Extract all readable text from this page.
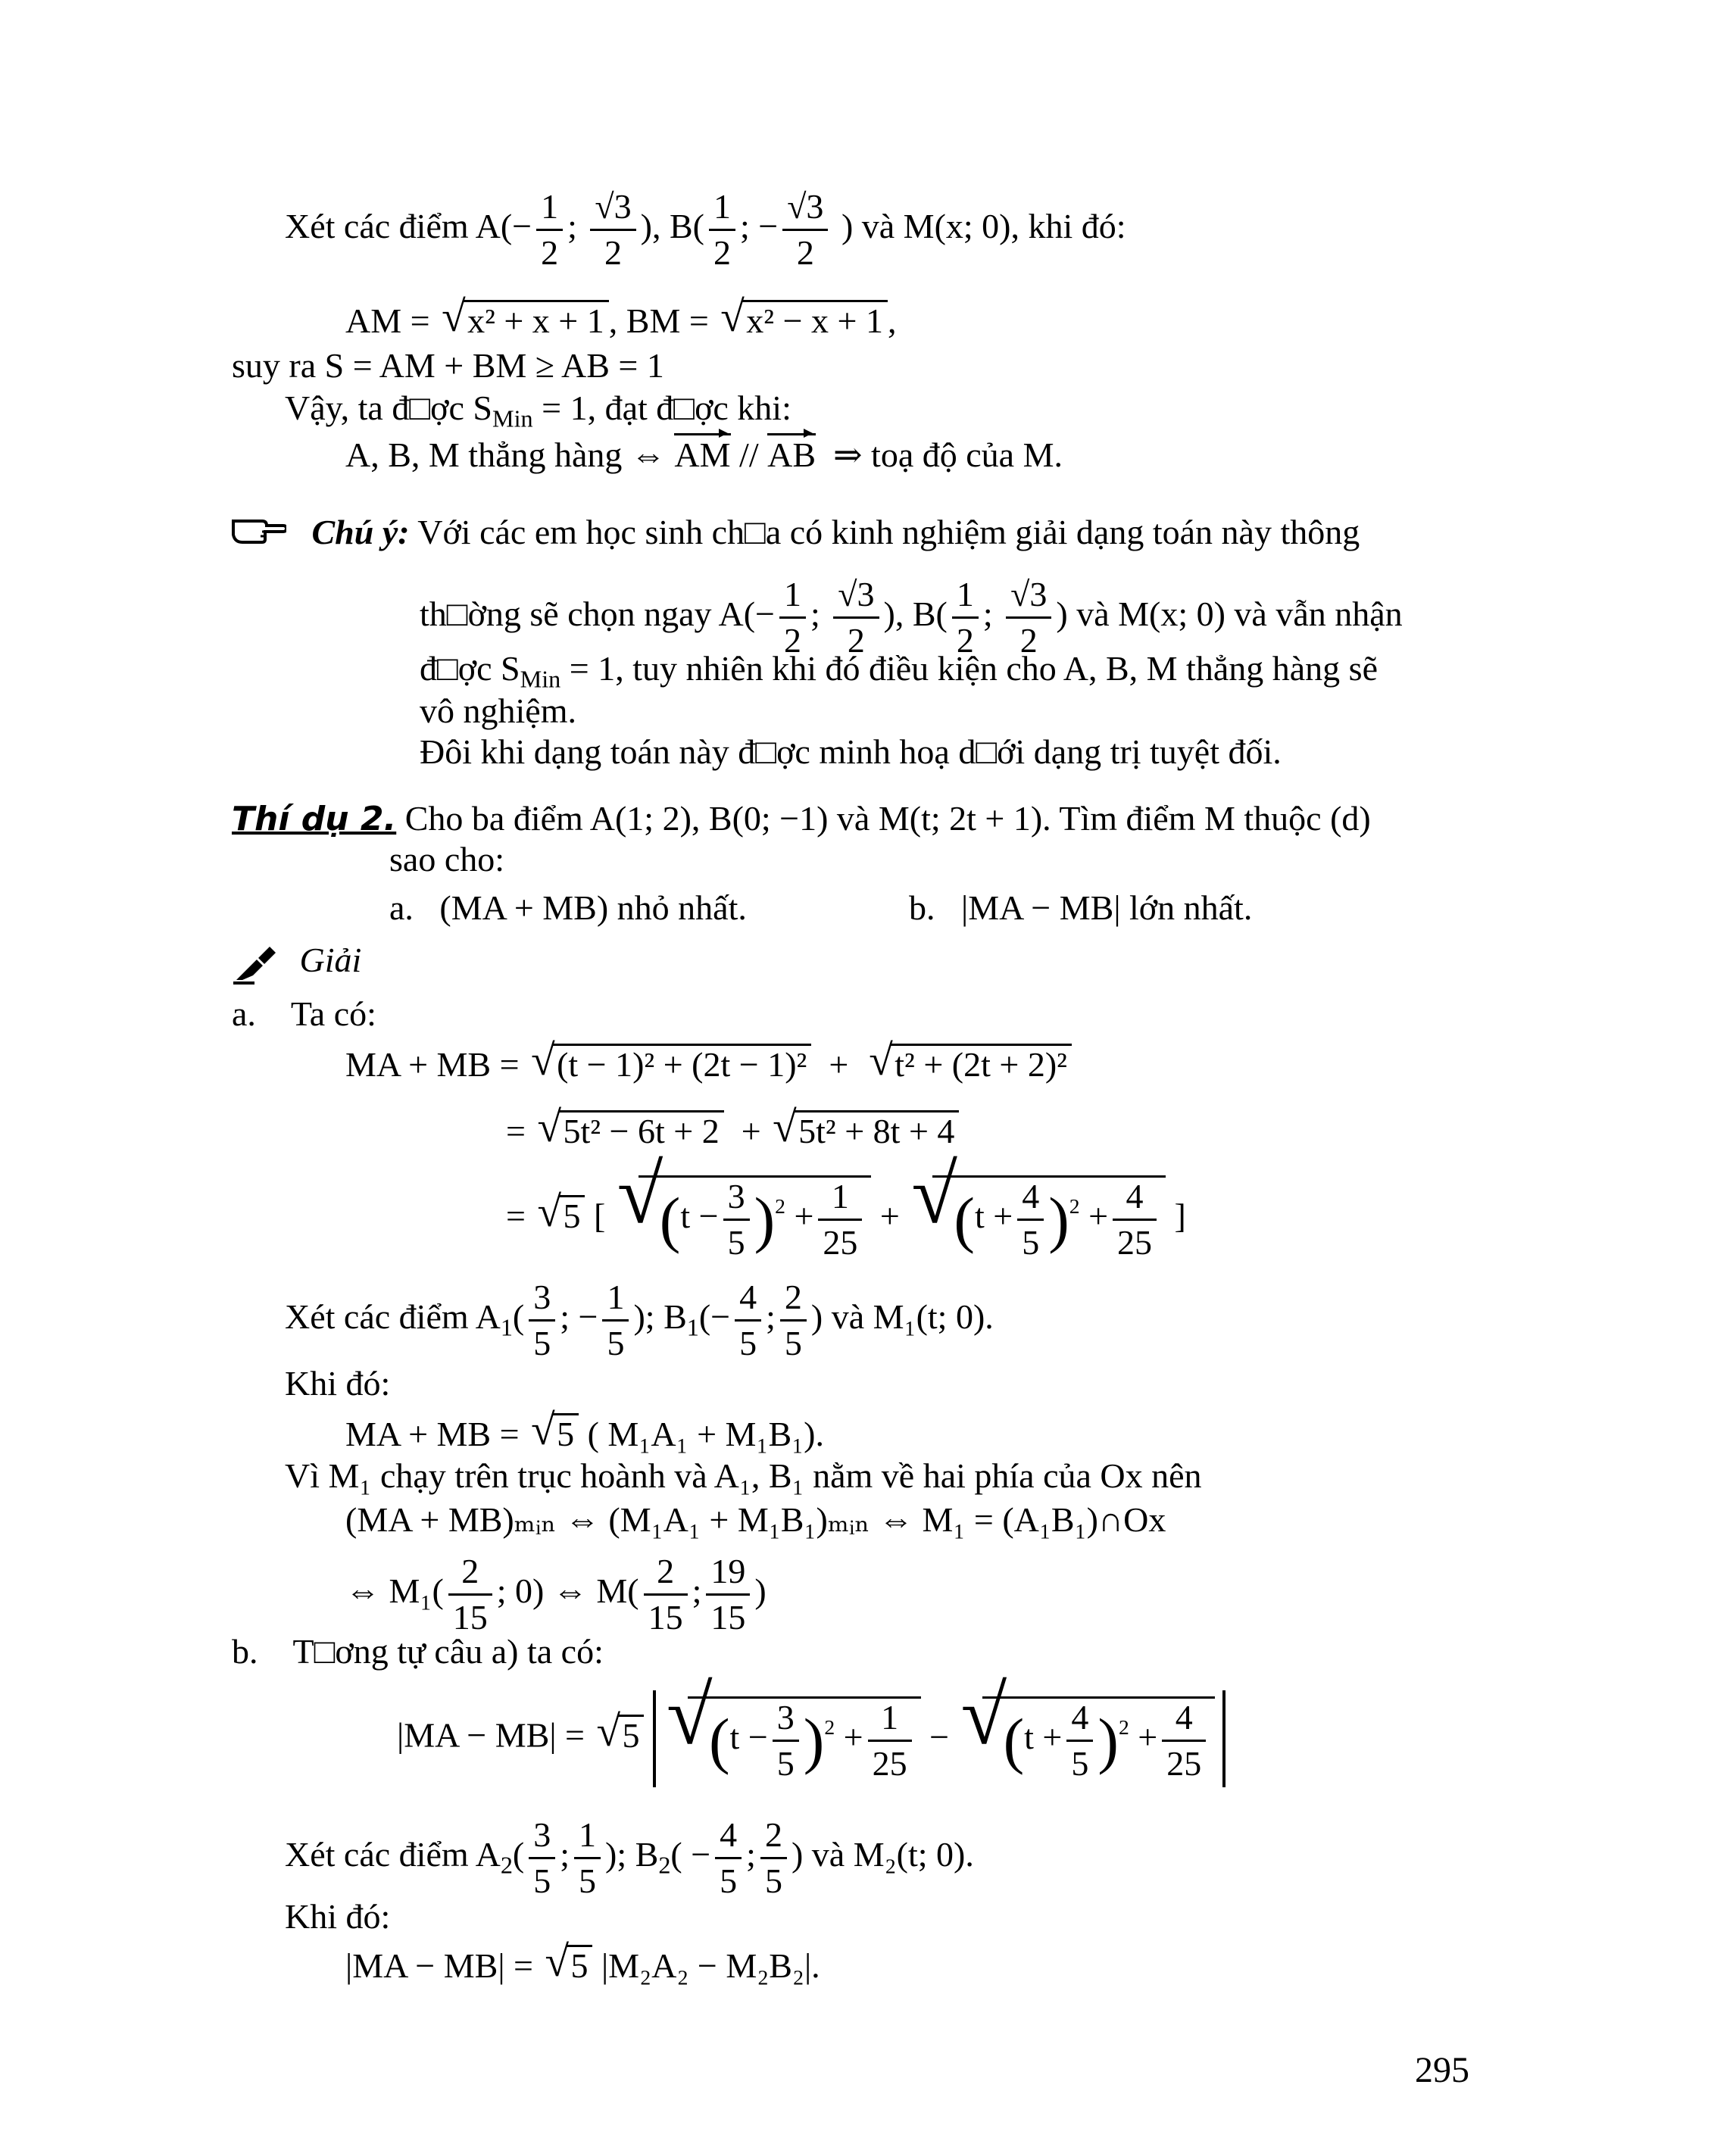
Xét các điểm $A(- \frac{1}{2}$ ; $\frac{√3}{2}$ ), $B( \frac{1}{2}$ ; − $\frac{√3}{2}$ ) và M(x; 0), khi đó:
AM = √ x² + x + 1 , BM = √ x² − x + 1 ,
suy ra S = AM + BM ≥ AB = 1
Vậy, ta đ□ợc $S_{Min} = 1$, đạt đ□ợc khi:
A, B, M thẳng hàng ⇔ AM // AB ⇒ toạ độ của M.
Chú ý: Với các em học sinh ch□a có kinh nghiệm giải dạng toán này thông
th□ờng sẽ chọn ngay $A(- \frac{1}{2}$ ; $\frac{√3}{2}$ ), $B( \frac{1}{2}$ ; $\frac{√3}{2}$ ) và M(x; 0) và vẫn nhận
đ□ợc $S_{Min} = 1$, tuy nhiên khi đó điều kiện cho A, B, M thẳng hàng sẽ
vô nghiệm.
Đôi khi dạng toán này đ□ợc minh hoạ d□ới dạng trị tuyệt đối.
Thí dụ 2. Cho ba điểm A(1; 2), B(0; −1) và M(t; 2t + 1). Tìm điểm M thuộc (d)
sao cho:
a. (MA + MB) nhỏ nhất.	b. |MA − MB| lớn nhất.
Giải
a. Ta có:
MA + MB = √ (t − 1)² + (2t − 1)² + √ t² + (2t + 2)²
= √ 5t² − 6t + 2 + √ 5t² + 8t + 4
= √ 5 [ √
$(t - \frac{3}{5} )^2 + \frac{1}{25}$ + √
$(t + \frac{4}{5} )^2 + \frac{4}{25}$ ]
Xét các điểm $A_1( \frac{3}{5}$ ; − $\frac{1}{5}$ ); $B_1(- \frac{4}{5}$ ; $\frac{2}{5}$ ) và M₁(t; 0).
Khi đó:
MA + MB = √ 5 ( M₁A₁ + M₁B₁).
Vì M₁ chạy trên trục hoành và A₁, B₁ nằm về hai phía của Ox nên
(MA + MB)ₘᵢₙ ⇔ (M₁A₁ + M₁B₁)ₘᵢₙ ⇔ M₁ = (A₁B₁)∩Ox
⇔ $M_1( \frac{2}{15}$ ; 0) ⇔ $M( \frac{2}{15}$ ; $\frac{19}{15}$ )
b. T□ơng tự câu a) ta có:
|MA − MB| = √ 5 √
$(t - \frac{3}{5} )^2 + \frac{1}{25}$ − √
$(t + \frac{4}{5} )^2 + \frac{4}{25}$
Xét các điểm $A_2( \frac{3}{5}$ ; $\frac{1}{5}$ ); $B_2( - \frac{4}{5}$ ; $\frac{2}{5}$ ) và M₂(t; 0).
Khi đó:
|MA − MB| = √ 5 |M₂A₂ − M₂B₂|.
295
